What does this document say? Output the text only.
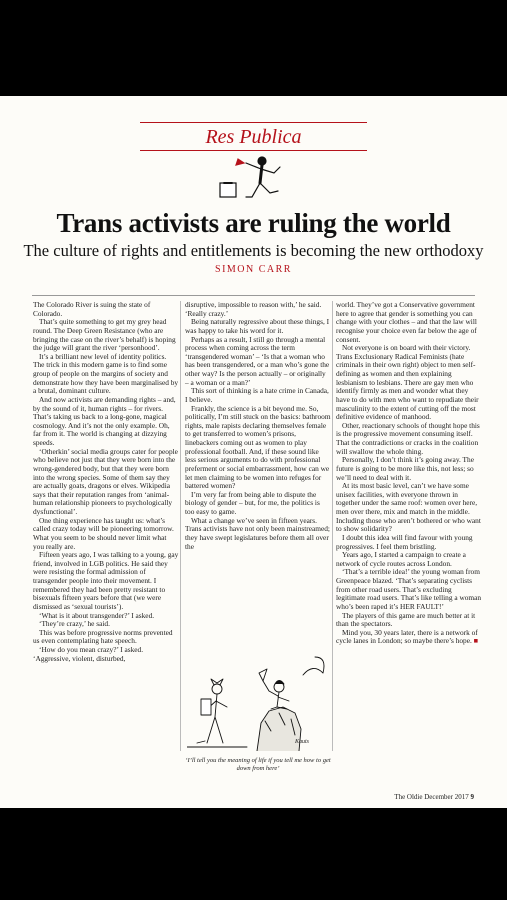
Res Publica
Trans activists are ruling the world
The culture of rights and entitlements is becoming the new orthodoxy
SIMON CARR

The Colorado River is suing the state of Colorado.

That’s quite something to get my grey head round. The Deep Green Resistance (who are bringing the case on the river’s behalf) is hoping the judge will grant the river ‘personhood’.

It’s a brilliant new level of identity politics. The trick in this modern game is to find some group of people on the margins of society and demonstrate how they have been marginalised by a brutal, dominant culture.

And now activists are demanding rights – and, by the sound of it, human rights – for rivers. That’s taking us back to a long-gone, magical cosmology. And it’s not the only example. Oh, far from it. The world is changing at dizzying speeds.

‘Otherkin’ social media groups cater for people who believe not just that they were born into the wrong-gendered body, but that they were born into the wrong species. Some of them say they are actually goats, dragons or elves. Wikipedia says that their reputation ranges from ‘animal-human relationship pioneers to psychologically dysfunctional’.

One thing experience has taught us: what’s called crazy today will be pioneering tomorrow. What you seem to be should never limit what you really are.

Fifteen years ago, I was talking to a young, gay friend, involved in LGB politics. He said they were resisting the formal admission of transgender people into their movement. I remembered they had been pretty resistant to bisexuals fifteen years before that (we were dismissed as ‘sexual tourists’).

‘What is it about transgender?’ I asked.

‘They’re crazy,’ he said.

This was before progressive norms prevented us even contemplating hate speech.

‘How do you mean crazy?’ I asked.

‘Aggressive, violent, disturbed,

disruptive, impossible to reason with,’ he said. ‘Really crazy.’

Being naturally regressive about these things, I was happy to take his word for it.

Perhaps as a result, I still go through a mental process when coming across the term ‘transgendered woman’ – ‘Is that a woman who has been transgendered, or a man who’s gone the other way? Is the person actually – or originally – a woman or a man?’

This sort of thinking is a hate crime in Canada, I believe.

Frankly, the science is a bit beyond me. So, politically, I’m still stuck on the basics: bathroom rights, male rapists declaring themselves female to get transferred to women’s prisons, linebackers coming out as women to play professional football. And, if these sound like less serious arguments to do with professional preferment or social embarrassment, how can we let men claiming to be women into refuges for battered women?

I’m very far from being able to dispute the biology of gender – but, for me, the politics is too easy to game.

What a change we’ve seen in fifteen years. Trans activists have not only been mainstreamed; they have swept legislatures before them all over the

Kauts
‘I’ll tell you the meaning of life if you tell me how to get down from here’

world. They’ve got a Conservative government here to agree that gender is something you can change with your clothes – and that the law will recognise your choice even far below the age of consent.

Not everyone is on board with their victory. Trans Exclusionary Radical Feminists (hate criminals in their own right) object to men self-defining as women and then explaining lesbianism to lesbians. There are gay men who identify firmly as men and wonder what they have to do with men who want to repudiate their masculinity to the extent of cutting off the most definitive evidence of manhood.

Other, reactionary schools of thought hope this is the progressive movement consuming itself. That the contradictions or cracks in the coalition will swallow the whole thing.

Personally, I don’t think it’s going away. The future is going to be more like this, not less; so we’ll need to deal with it.

At its most basic level, can’t we have some unisex facilities, with everyone thrown in together under the same roof: women over here, men over there, mix and match in the middle. Including those who aren’t bothered or who want to show solidarity?

I doubt this idea will find favour with young progressives. I feel them bristling.

Years ago, I started a campaign to create a network of cycle routes across London.

‘That’s a terrible idea!’ the young woman from Greenpeace blazed. ‘That’s separating cyclists from other road users. That’s excluding legitimate road users. That’s like telling a woman who’s been raped it’s HER FAULT!’

The players of this game are much better at it than the spectators.

Mind you, 30 years later, there is a network of cycle lanes in London; so maybe there’s hope. ■

The Oldie December 2017 9
